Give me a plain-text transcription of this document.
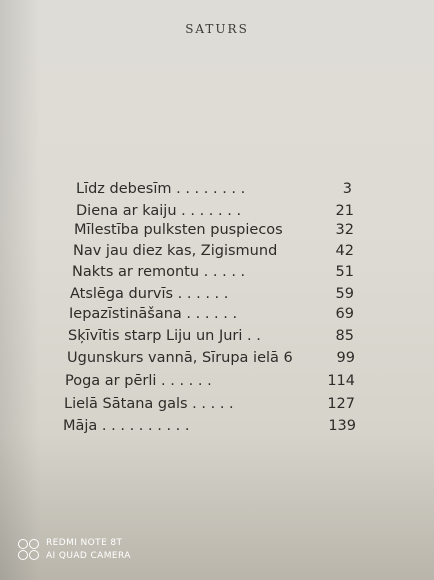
SATURS
Līdz debesīm . . . . . . . .	3
Diena ar kaiju . . . . . . .	21
Mīlestība pulksten puspiecos	32
Nav jau diez kas, Zigismund	42
Nakts ar remontu . . . . .	51
Atslēga durvīs . . . . . .	59
Iepazīstināšana . . . . . .	69
Sķīvītis starp Liju un Juri . .	85
Ugunskurs vannā, Sīrupa ielā 6	99
Poga ar pērli . . . . . .	114
Lielā Sātana gals . . . . .	127
Māja . . . . . . . . . .	139
REDMI NOTE 8T
AI QUAD CAMERA
